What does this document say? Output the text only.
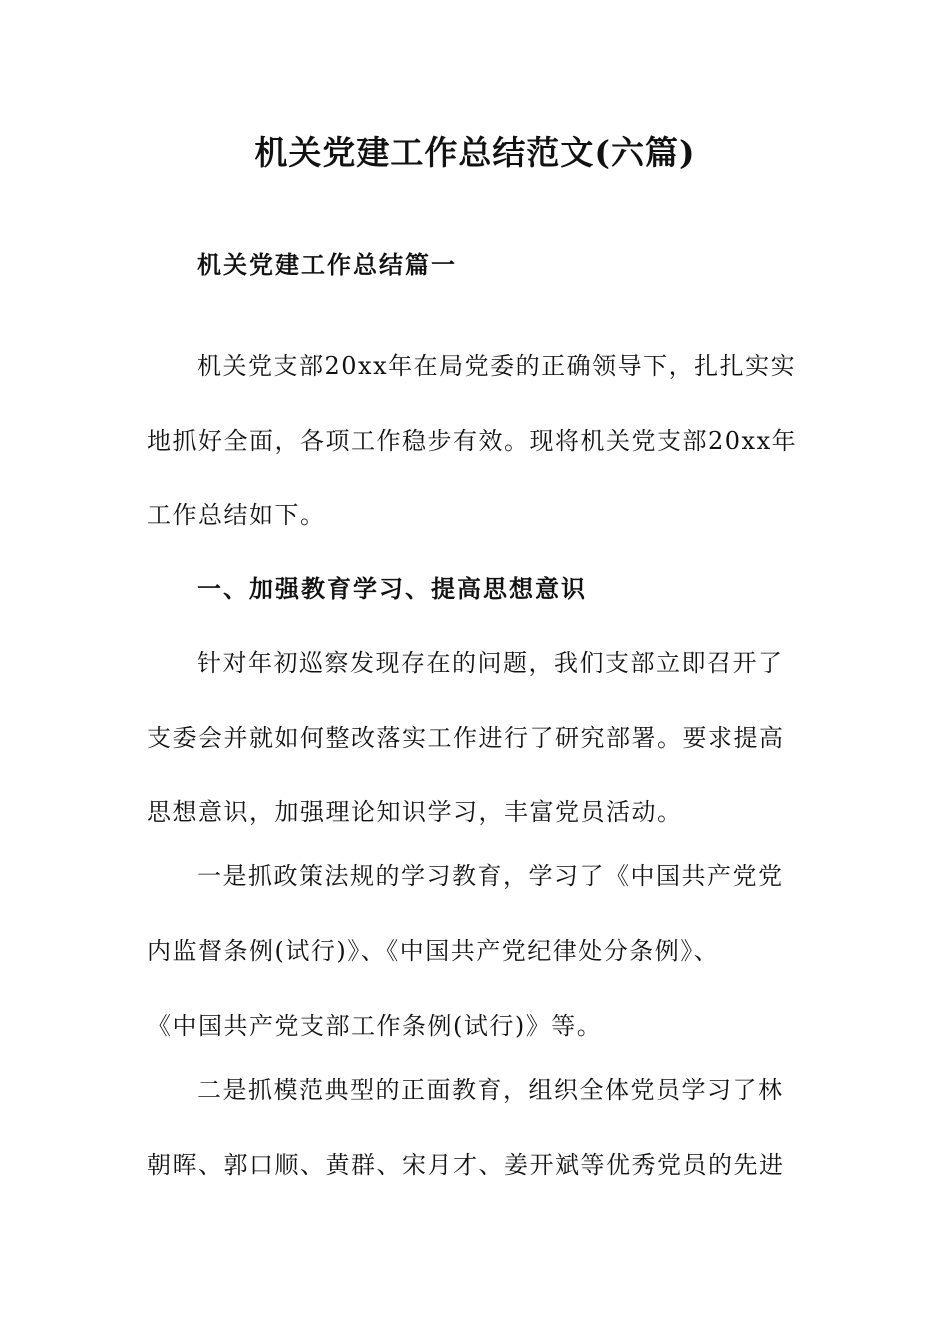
机关党建工作总结范文(六篇)
机关党建工作总结篇一
机关党支部20xx年在局党委的正确领导下，扎扎实实
地抓好全面，各项工作稳步有效。现将机关党支部20xx年
工作总结如下。
一、加强教育学习、提高思想意识
针对年初巡察发现存在的问题，我们支部立即召开了
支委会并就如何整改落实工作进行了研究部署。要求提高
思想意识，加强理论知识学习，丰富党员活动。
一是抓政策法规的学习教育，学习了《中国共产党党
内监督条例(试行)》、《中国共产党纪律处分条例》、
《中国共产党支部工作条例(试行)》等。
二是抓模范典型的正面教育，组织全体党员学习了林
朝晖、郭口顺、黄群、宋月才、姜开斌等优秀党员的先进
